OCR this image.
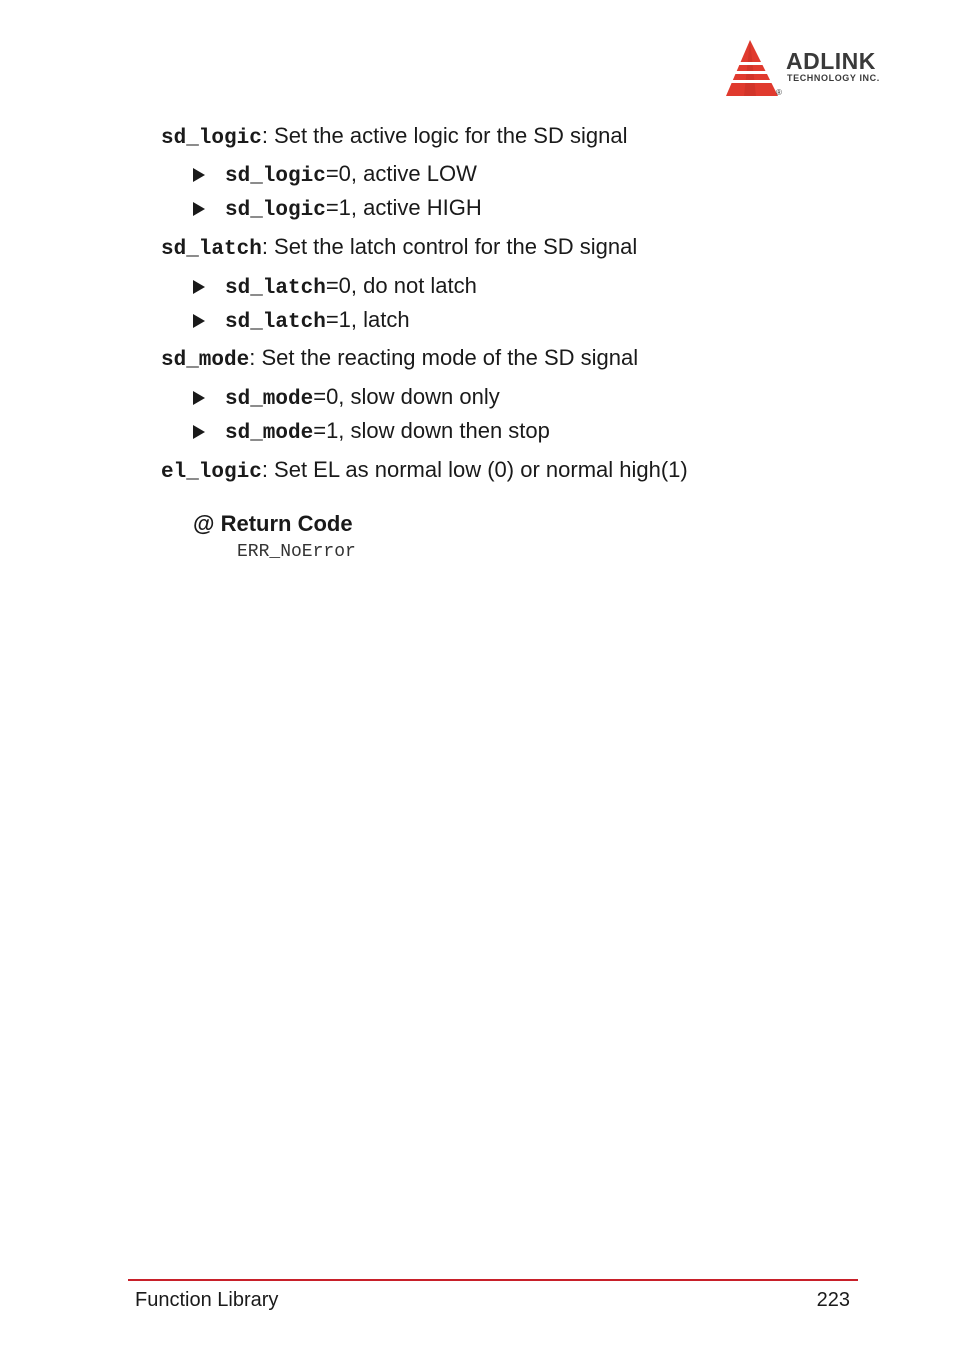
ADLINK
TECHNOLOGY INC.
®
sd_logic: Set the active logic for the SD signal
sd_logic=0, active LOW
sd_logic=1, active HIGH
sd_latch: Set the latch control for the SD signal
sd_latch=0, do not latch
sd_latch=1, latch
sd_mode: Set the reacting mode of the SD signal
sd_mode=0, slow down only
sd_mode=1, slow down then stop
el_logic: Set EL as normal low (0) or normal high(1)
@ Return Code
ERR_NoError
Function Library	223
